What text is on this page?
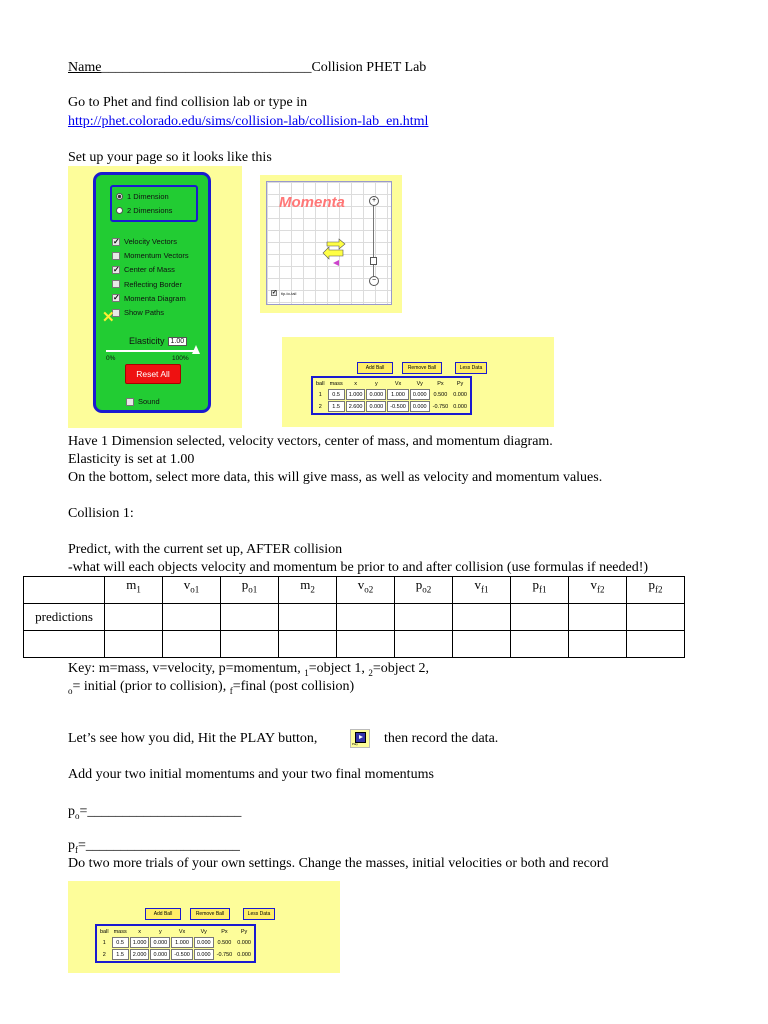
Name______________________________Collision PHET Lab
Go to Phet and find collision lab or type in
http://phet.colorado.edu/sims/collision-lab/collision-lab_en.html
Set up your page so it looks like this
1 Dimension
2 Dimensions
✓ Velocity Vectors
Momentum Vectors
✓ Center of Mass
Reflecting Border
✓ Momenta Diagram
Show Paths
✕
Elasticity 1.00
0%	100%
Reset All
Sound
Momenta	+
−
✓ tip-to-tail
Add Ball	Remove Ball	Less Data
ball	mass	x	y	Vx	Vy	Px	Py
1	0.5	1.000	0.000	1.000	0.000	0.500	0.000
2	1.5	2.600	0.000	-0.500	0.000	-0.750	0.000
Have 1 Dimension selected, velocity vectors, center of mass, and momentum diagram.
Elasticity is set at 1.00
On the bottom, select more data, this will give mass, as well as velocity and momentum values.
Collision 1:
Predict, with the current set up, AFTER collision
-what will each objects velocity and momentum be prior to and after collision (use formulas if needed!)
	$m_1$	$v_{o1}$	$p_{o1}$	$m_2$	$v_{o2}$	$p_{o2}$	$v_{f1}$	$p_{f1}$	$v_{f2}$	$p_{f2}$
predictions										

Key: m=mass, v=velocity, p=momentum, $_1$=object 1, $_2$=object 2,
$_o$= initial (prior to collision), $_f$=final (post collision)
Let’s see how you did, Hit the PLAY button,	Play then record the data.
Add your two initial momentums and your two final momentums
$p_o=\_\_\_\_\_\_\_\_\_\_\_\_\_\_\_\_\_\_\_\_\_\_$
$p_f=\_\_\_\_\_\_\_\_\_\_\_\_\_\_\_\_\_\_\_\_\_\_$
Do two more trials of your own settings. Change the masses, initial velocities or both and record
Add Ball	Remove Ball	Less Data
ball	mass	x	y	Vx	Vy	Px	Py
1	0.5	1.000	0.000	1.000	0.000	0.500	0.000
2	1.5	2.000	0.000	-0.500	0.000	-0.750	0.000
